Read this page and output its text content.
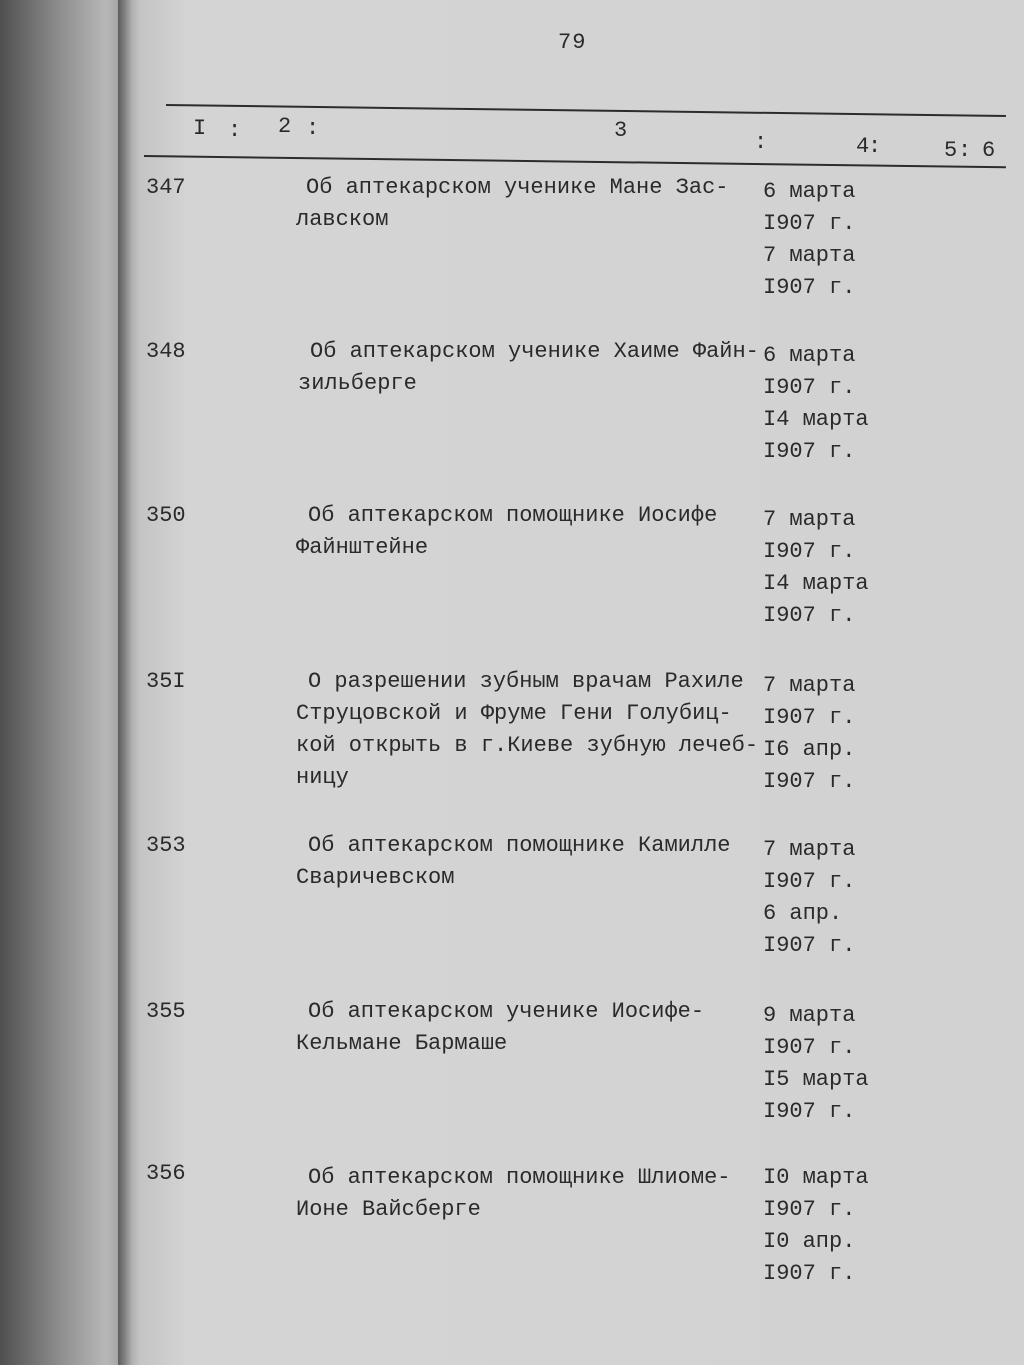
79
I : 2 :	3	:	4
:	5 : 6
347	Об аптекарском ученике Мане Зас-
лавском
6 марта
I907 г.
7 марта
I907 г.
348	Об аптекарском ученике Хаиме Файн-
зильберге
6 марта
I907 г.
I4 марта
I907 г.
350	Об аптекарском помощнике Иосифе
Файнштейне
7 марта
I907 г.
I4 марта
I907 г.
35I	О разрешении зубным врачам Рахиле
Струцовской и Фруме Гени Голубиц-
кой открыть в г.Киеве зубную лечеб-
ницу
7 марта
I907 г.
I6 апр.
I907 г.
353	Об аптекарском помощнике Камилле
Сваричевском
7 марта
I907 г.
6 апр.
I907 г.
355	Об аптекарском ученике Иосифе-
Кельмане Бармаше
9 марта
I907 г.
I5 марта
I907 г.
356	Об аптекарском помощнике Шлиоме-
Ионе Вайсберге
I0 марта
I907 г.
I0 апр.
I907 г.
